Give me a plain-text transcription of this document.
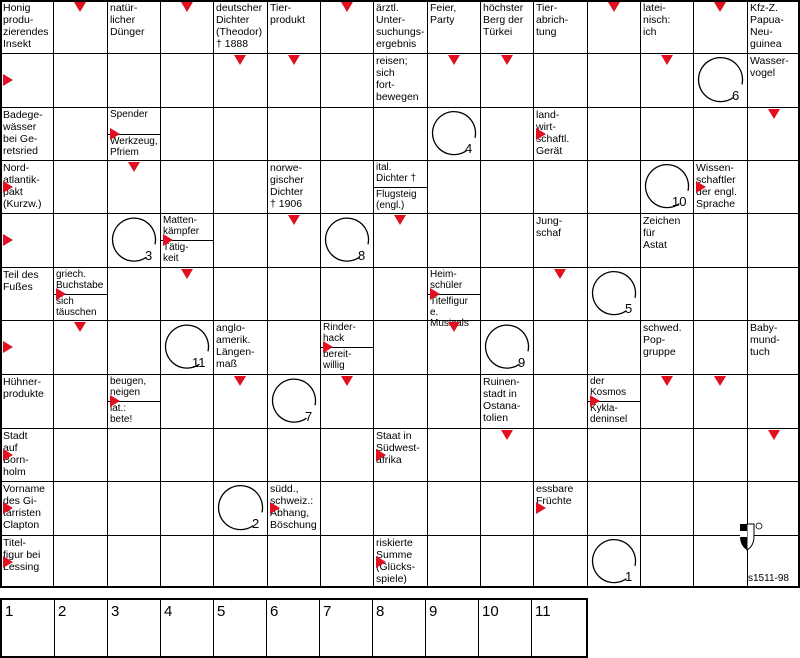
Honig
produ-
zierendes
Insekt
natür-
licher
Dünger
deutscher
Dichter
(Theodor)
† 1888
Tier-
produkt
ärztl.
Unter-
suchungs-
ergebnis
Feier,
Party
höchster
Berg der
Türkei
Tier-
abrich-
tung
latei-
nisch:
ich
Kfz-Z.
Papua-
Neu-
guinea
reisen;
sich
fort-
bewegen
Wasser-
vogel
Badege-
wässer
bei Ge-
retsried
Spender
Werkzeug,
Pfriem
land-
wirt-
schaftl.
Gerät
Nord-
atlantik-
pakt
(Kurzw.)
norwe-
gischer
Dichter
† 1906
ital.
Dichter †
Flugsteig
(engl.)
Wissen-
schaftler
der engl.
Sprache
Matten-
kämpfer
Tätig-
keit
Jung-
schaf
Zeichen
für
Astat
Teil des
Fußes
griech.
Buchstabe
sich
täuschen
Heim-
schüler
Titelfigur
e. Musicals
anglo-
amerik.
Längen-
maß
Rinder-
hack
bereit-
willig
schwed.
Pop-
gruppe
Baby-
mund-
tuch
Hühner-
produkte
beugen,
neigen
lat.:
bete!
Ruinen-
stadt in
Ostana-
tolien
der Kosmos
Kykla-
deninsel
Stadt
auf
Born-
holm
Staat in
Südwest-
afrika
Vorname
des Gi-
tarristen
Clapton
südd.,
schweiz.:
Abhang,
Böschung
essbare
Früchte
Titel-
figur bei
Lessing
riskierte
Summe
(Glücks-
spiele)
6
4
10
3	8
5
11	9
7
2
1	s1511-98
1	2	3	4	5	6	7	8	9	10	11
